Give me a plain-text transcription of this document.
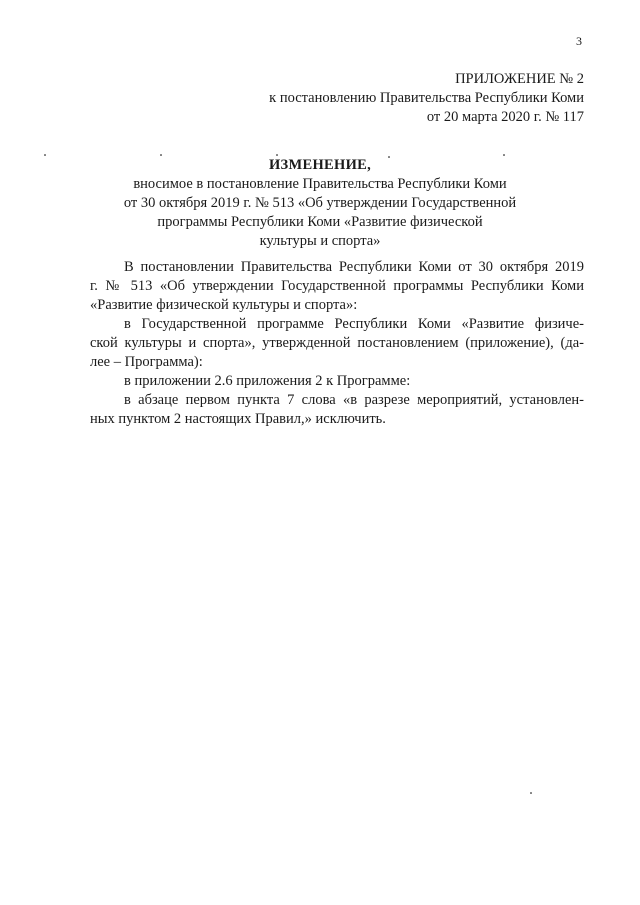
3
ПРИЛОЖЕНИЕ № 2
к постановлению Правительства Республики Коми
от 20 марта 2020 г. № 117
ИЗМЕНЕНИЕ,
вносимое в постановление Правительства Республики Коми
от 30 октября 2019 г. № 513 «Об утверждении Государственной
программы Республики Коми «Развитие физической
культуры и спорта»

В постановлении Правительства Республики Коми от 30 октября 2019
г. № 513 «Об утверждении Государственной программы Республики Коми
«Развитие физической культуры и спорта»:

в Государственной программе Республики Коми «Развитие физиче-
ской культуры и спорта», утвержденной постановлением (приложение), (да-
лее – Программа):

в приложении 2.6 приложения 2 к Программе:

в абзаце первом пункта 7 слова «в разрезе мероприятий, установлен-
ных пунктом 2 настоящих Правил,» исключить.
